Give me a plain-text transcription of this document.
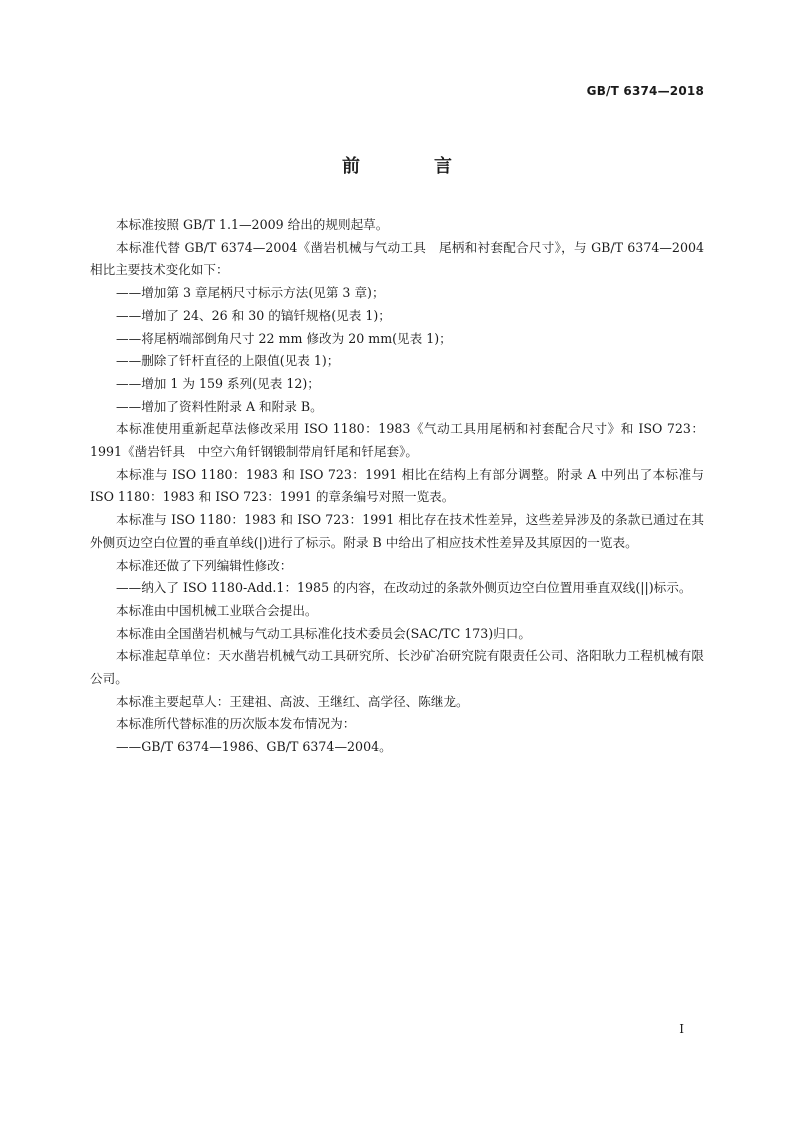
GB/T 6374—2018
前　言

本标准按照 GB/T 1.1—2009 给出的规则起草。

本标准代替 GB/T 6374—2004《凿岩机械与气动工具　尾柄和衬套配合尺寸》，与 GB/T 6374—2004 相比主要技术变化如下：

——增加第 3 章尾柄尺寸标示方法(见第 3 章)；

——增加了 24、26 和 30 的镐钎规格(见表 1)；

——将尾柄端部倒角尺寸 22 mm 修改为 20 mm(见表 1)；

——删除了钎杆直径的上限值(见表 1)；

——增加 1 为 159 系列(见表 12)；

——增加了资料性附录 A 和附录 B。

本标准使用重新起草法修改采用 ISO 1180：1983《气动工具用尾柄和衬套配合尺寸》和 ISO 723：1991《凿岩钎具　中空六角钎钢锻制带肩钎尾和钎尾套》。

本标准与 ISO 1180：1983 和 ISO 723：1991 相比在结构上有部分调整。附录 A 中列出了本标准与 ISO 1180：1983 和 ISO 723：1991 的章条编号对照一览表。

本标准与 ISO 1180：1983 和 ISO 723：1991 相比存在技术性差异，这些差异涉及的条款已通过在其外侧页边空白位置的垂直单线(|)进行了标示。附录 B 中给出了相应技术性差异及其原因的一览表。

本标准还做了下列编辑性修改：

——纳入了 ISO 1180-Add.1：1985 的内容，在改动过的条款外侧页边空白位置用垂直双线(||)标示。

本标准由中国机械工业联合会提出。

本标准由全国凿岩机械与气动工具标准化技术委员会(SAC/TC 173)归口。

本标准起草单位：天水凿岩机械气动工具研究所、长沙矿冶研究院有限责任公司、洛阳耿力工程机械有限公司。

本标准主要起草人：王建祖、高波、王继红、高学径、陈继龙。

本标准所代替标准的历次版本发布情况为：

——GB/T 6374—1986、GB/T 6374—2004。

I
